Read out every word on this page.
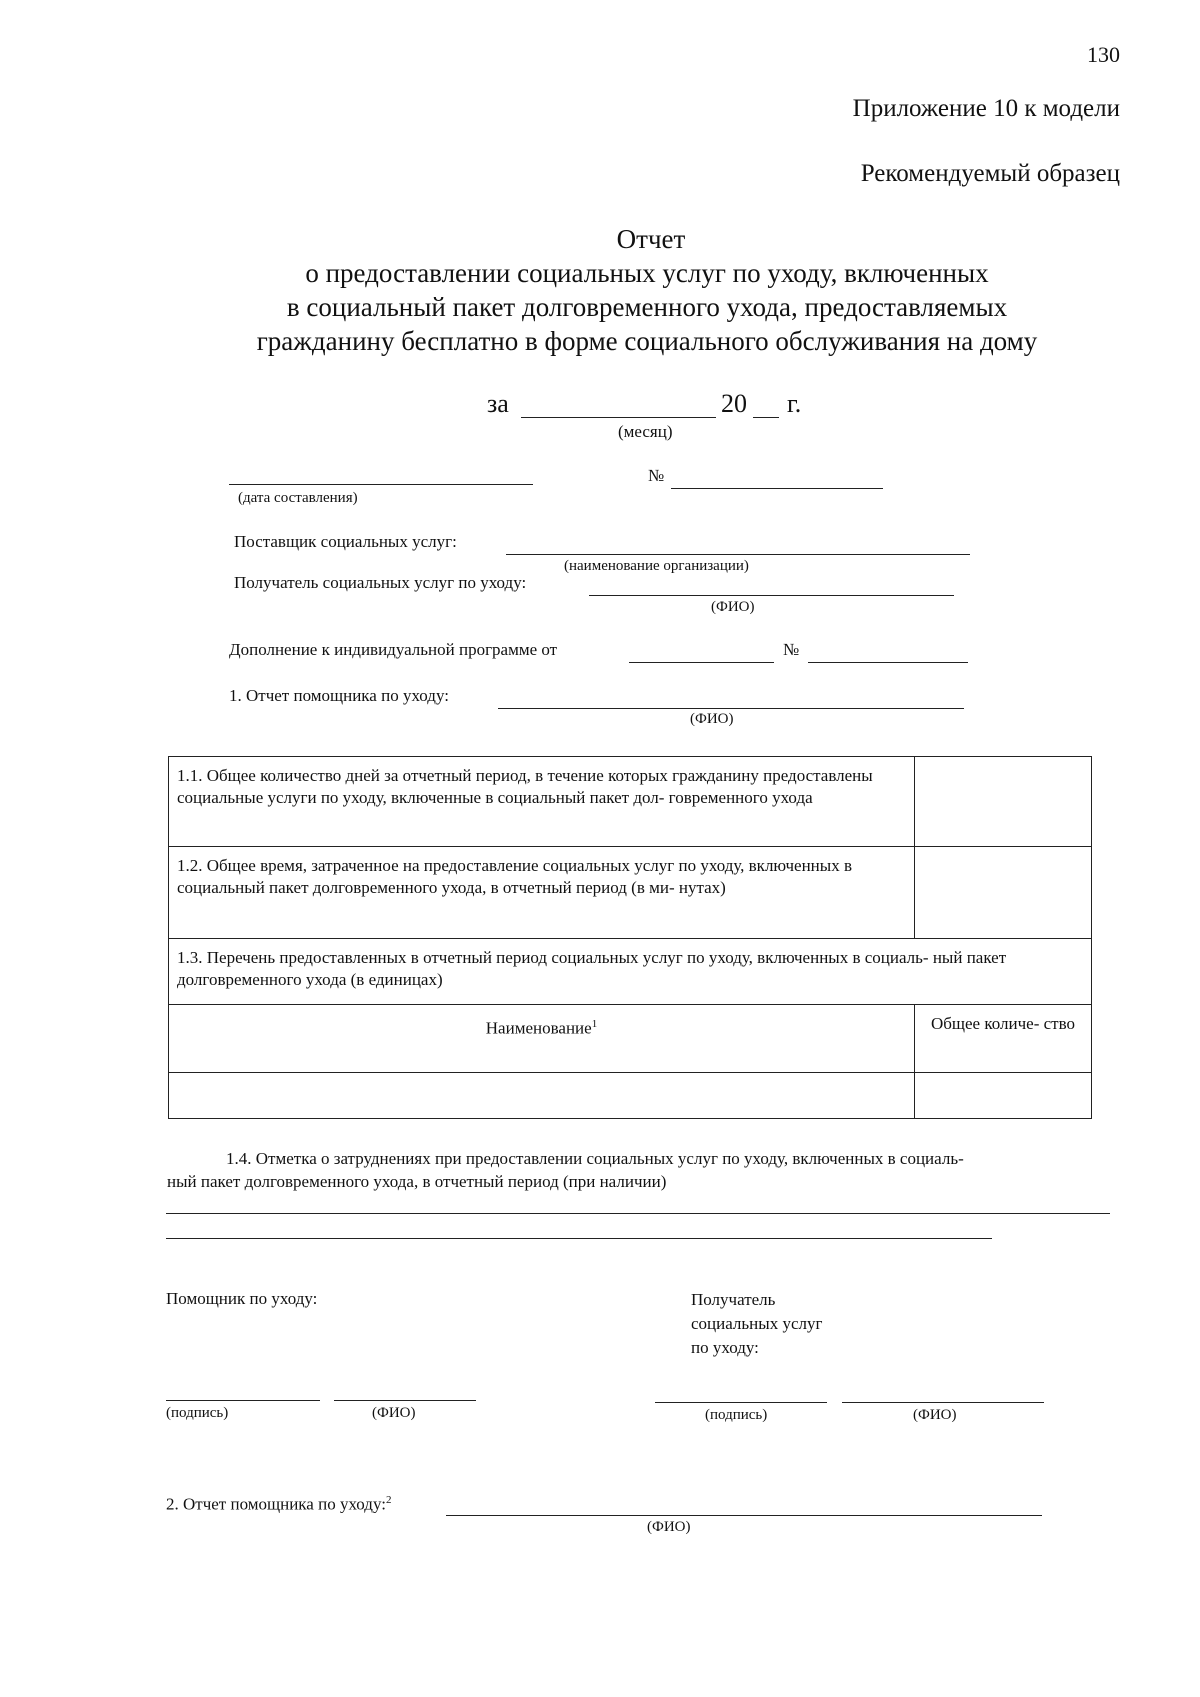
130
Приложение 10 к модели
Рекомендуемый образец
Отчет
о предоставлении социальных услуг по уходу, включенных
в социальный пакет долговременного ухода, предоставляемых
гражданину бесплатно в форме социального обслуживания на дому
за	20 г.
(месяц)
(дата составления)
№
Поставщик социальных услуг:
(наименование организации)
Получатель социальных услуг по уходу:
(ФИО)
Дополнение к индивидуальной программе от	№
1. Отчет помощника по уходу:
(ФИО)
1.1. Общее количество дней за отчетный период, в течение которых гражданину предоставлены социальные услуги по уходу, включенные в социальный пакет дол- говременного ухода	
1.2. Общее время, затраченное на предоставление социальных услуг по уходу, включенных в социальный пакет долговременного ухода, в отчетный период (в ми- нутах)	
1.3. Перечень предоставленных в отчетный период социальных услуг по уходу, включенных в социаль- ный пакет долговременного ухода (в единицах)	
Наименование$^1$	Общее количе- ство

1.4. Отметка о затруднениях при предоставлении социальных услуг по уходу, включенных в социаль-
ный пакет долговременного ухода, в отчетный период (при наличии)
Помощник по уходу:	Получатель
социальных услуг
по уходу:
(подпись)	(ФИО)	(подпись)	(ФИО)
2. Отчет помощника по уходу:$^2$
(ФИО)
